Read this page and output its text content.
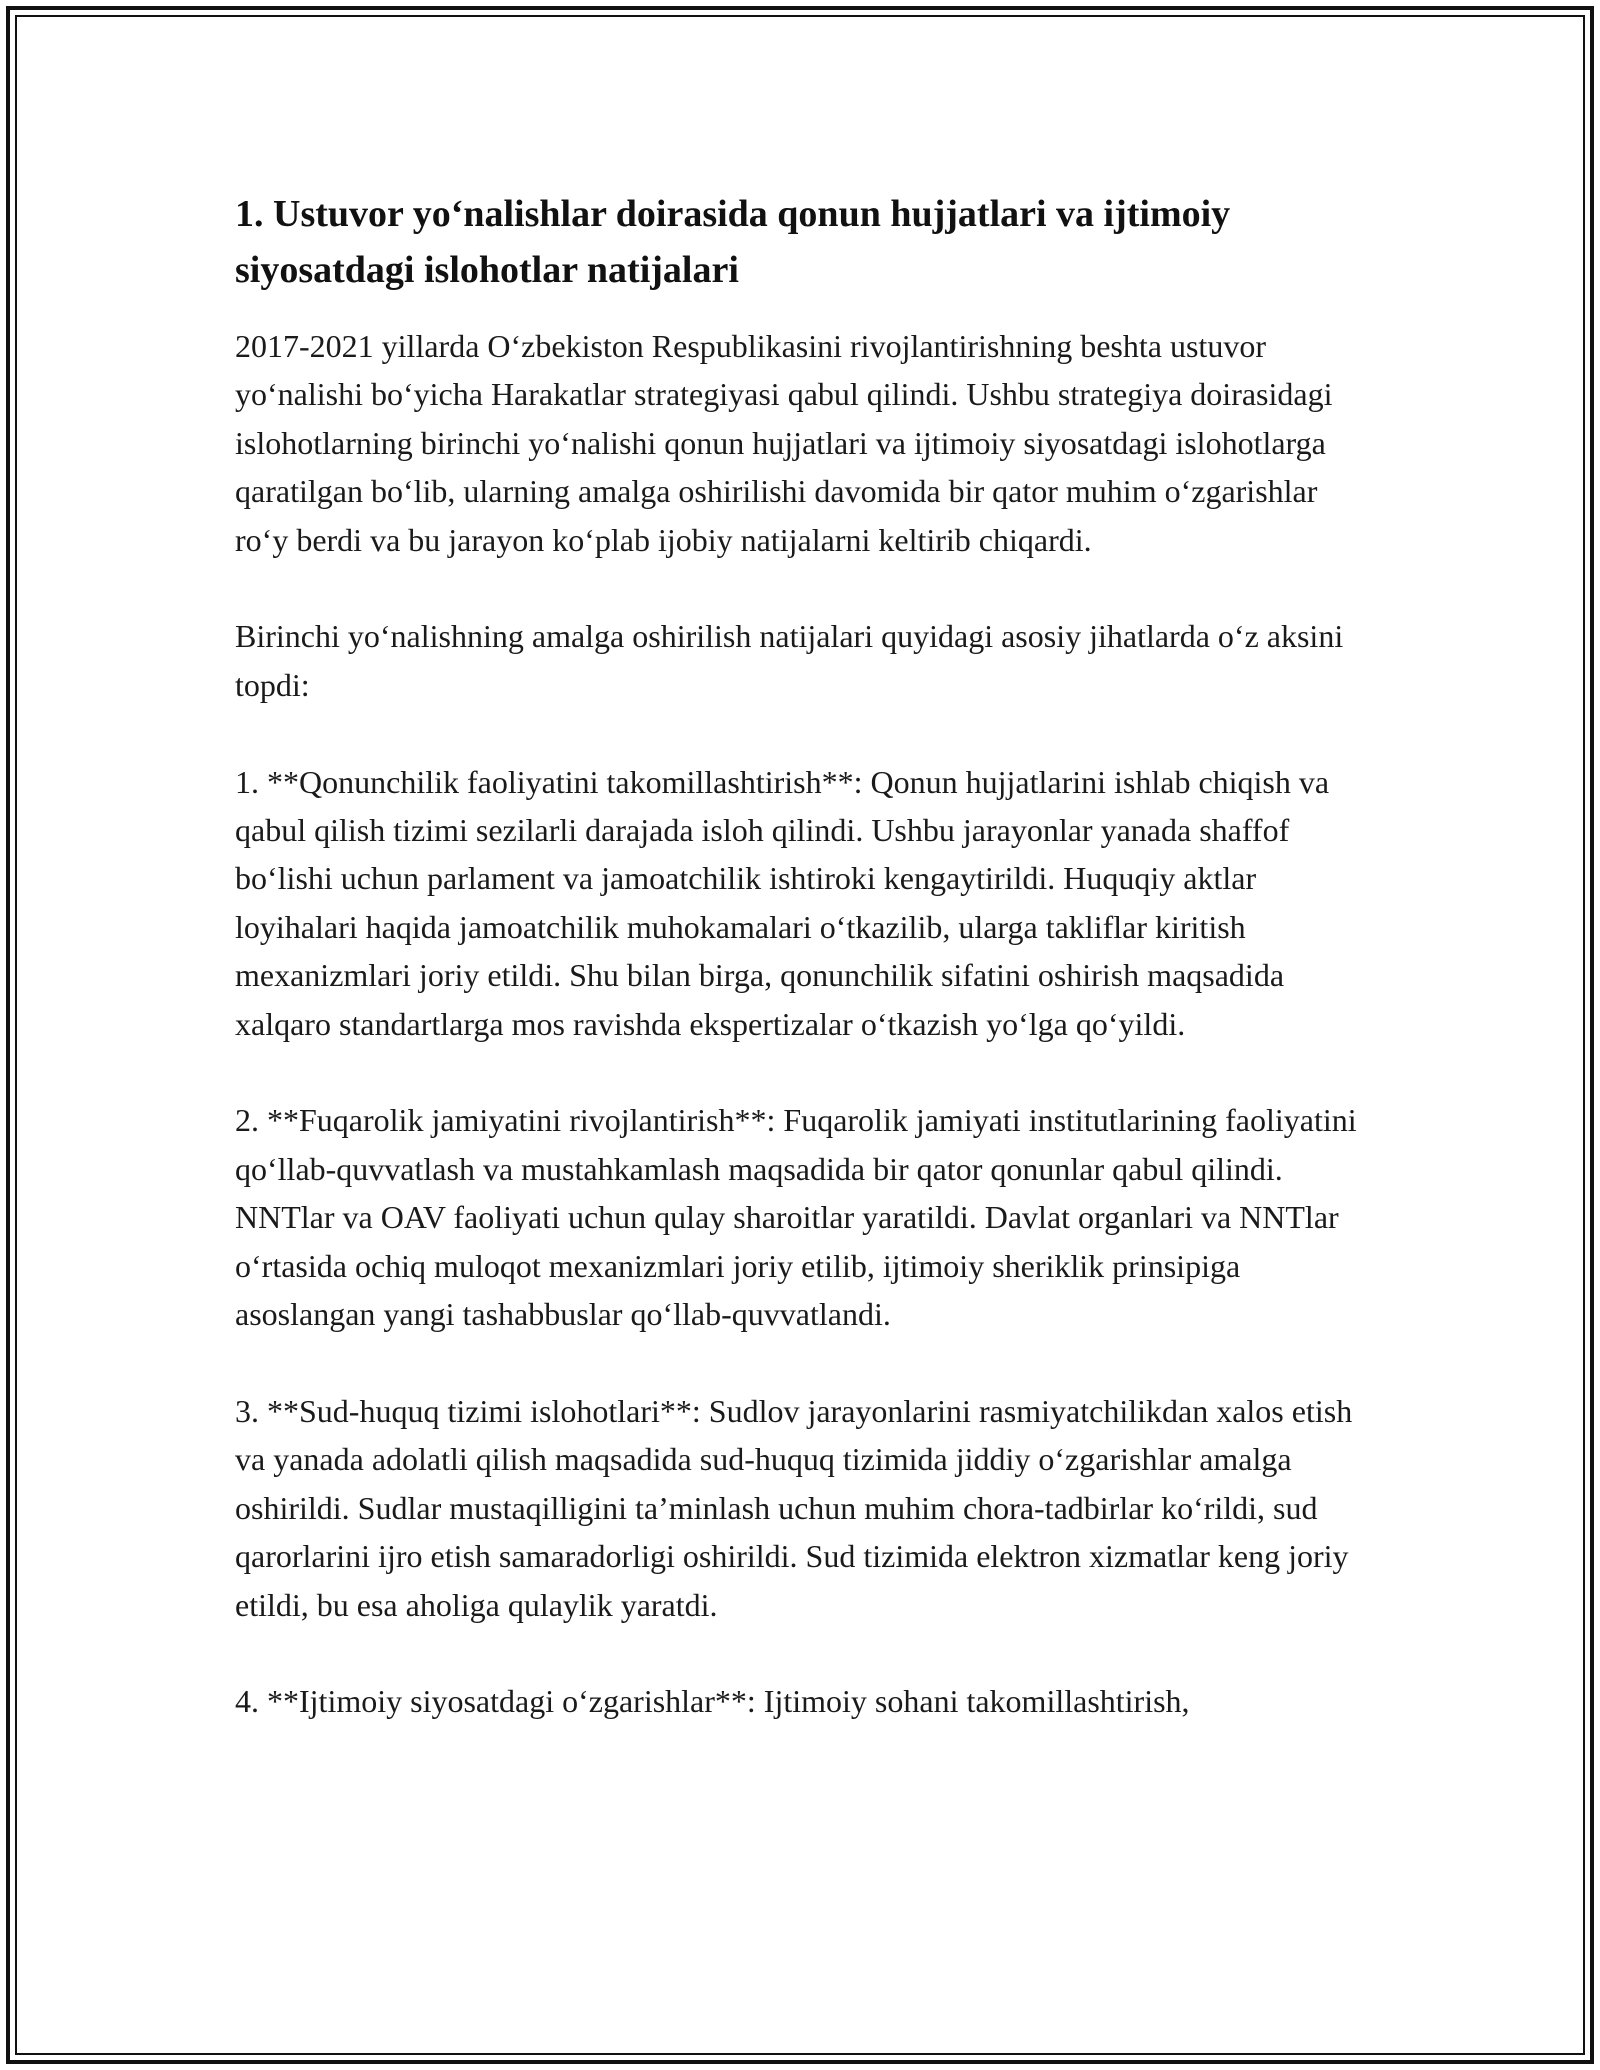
1. Ustuvor yo‘nalishlar doirasida qonun hujjatlari va ijtimoiy siyosatdagi islohotlar natijalari

2017-2021 yillarda O‘zbekiston Respublikasini rivojlantirishning beshta ustuvor yo‘nalishi bo‘yicha Harakatlar strategiyasi qabul qilindi. Ushbu strategiya doirasidagi islohotlarning birinchi yo‘nalishi qonun hujjatlari va ijtimoiy siyosatdagi islohotlarga qaratilgan bo‘lib, ularning amalga oshirilishi davomida bir qator muhim o‘zgarishlar ro‘y berdi va bu jarayon ko‘plab ijobiy natijalarni keltirib chiqardi.

Birinchi yo‘nalishning amalga oshirilish natijalari quyidagi asosiy jihatlarda o‘z aksini topdi:

1. **Qonunchilik faoliyatini takomillashtirish**: Qonun hujjatlarini ishlab chiqish va qabul qilish tizimi sezilarli darajada isloh qilindi. Ushbu jarayonlar yanada shaffof bo‘lishi uchun parlament va jamoatchilik ishtiroki kengaytirildi. Huquqiy aktlar loyihalari haqida jamoatchilik muhokamalari o‘tkazilib, ularga takliflar kiritish mexanizmlari joriy etildi. Shu bilan birga, qonunchilik sifatini oshirish maqsadida xalqaro standartlarga mos ravishda ekspertizalar o‘tkazish yo‘lga qo‘yildi.

2. **Fuqarolik jamiyatini rivojlantirish**: Fuqarolik jamiyati institutlarining faoliyatini qo‘llab-quvvatlash va mustahkamlash maqsadida bir qator qonunlar qabul qilindi. NNTlar va OAV faoliyati uchun qulay sharoitlar yaratildi. Davlat organlari va NNTlar o‘rtasida ochiq muloqot mexanizmlari joriy etilib, ijtimoiy sheriklik prinsipiga asoslangan yangi tashabbuslar qo‘llab-quvvatlandi.

3. **Sud-huquq tizimi islohotlari**: Sudlov jarayonlarini rasmiyatchilikdan xalos etish va yanada adolatli qilish maqsadida sud-huquq tizimida jiddiy o‘zgarishlar amalga oshirildi. Sudlar mustaqilligini ta’minlash uchun muhim chora-tadbirlar ko‘rildi, sud qarorlarini ijro etish samaradorligi oshirildi. Sud tizimida elektron xizmatlar keng joriy etildi, bu esa aholiga qulaylik yaratdi.

4. **Ijtimoiy siyosatdagi o‘zgarishlar**: Ijtimoiy sohani takomillashtirish,
